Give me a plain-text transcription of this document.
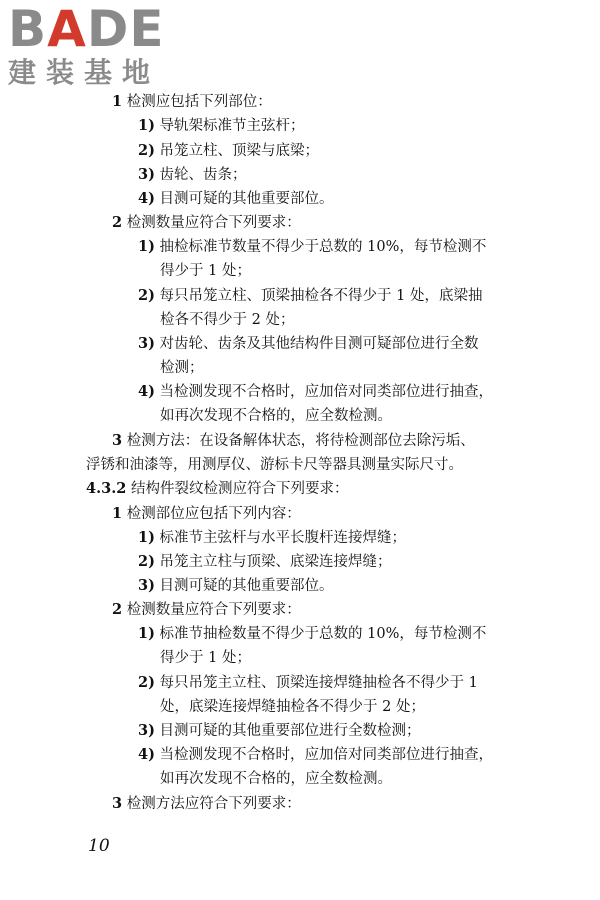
BADE
建装基地
1 检测应包括下列部位：
1) 导轨架标准节主弦杆；
2) 吊笼立柱、顶梁与底梁；
3) 齿轮、齿条；
4) 目测可疑的其他重要部位。
2 检测数量应符合下列要求：
1) 抽检标准节数量不得少于总数的 10%，每节检测不
得少于 1 处；
2) 每只吊笼立柱、顶梁抽检各不得少于 1 处，底梁抽
检各不得少于 2 处；
3) 对齿轮、齿条及其他结构件目测可疑部位进行全数
检测；
4) 当检测发现不合格时，应加倍对同类部位进行抽查，
如再次发现不合格的，应全数检测。
3 检测方法：在设备解体状态，将待检测部位去除污垢、
浮锈和油漆等，用测厚仪、游标卡尺等器具测量实际尺寸。
4.3.2 结构件裂纹检测应符合下列要求：
1 检测部位应包括下列内容：
1) 标准节主弦杆与水平长腹杆连接焊缝；
2) 吊笼主立柱与顶梁、底梁连接焊缝；
3) 目测可疑的其他重要部位。
2 检测数量应符合下列要求：
1) 标准节抽检数量不得少于总数的 10%，每节检测不
得少于 1 处；
2) 每只吊笼主立柱、顶梁连接焊缝抽检各不得少于 1
处，底梁连接焊缝抽检各不得少于 2 处；
3) 目测可疑的其他重要部位进行全数检测；
4) 当检测发现不合格时，应加倍对同类部位进行抽查，
如再次发现不合格的，应全数检测。
3 检测方法应符合下列要求：
10
